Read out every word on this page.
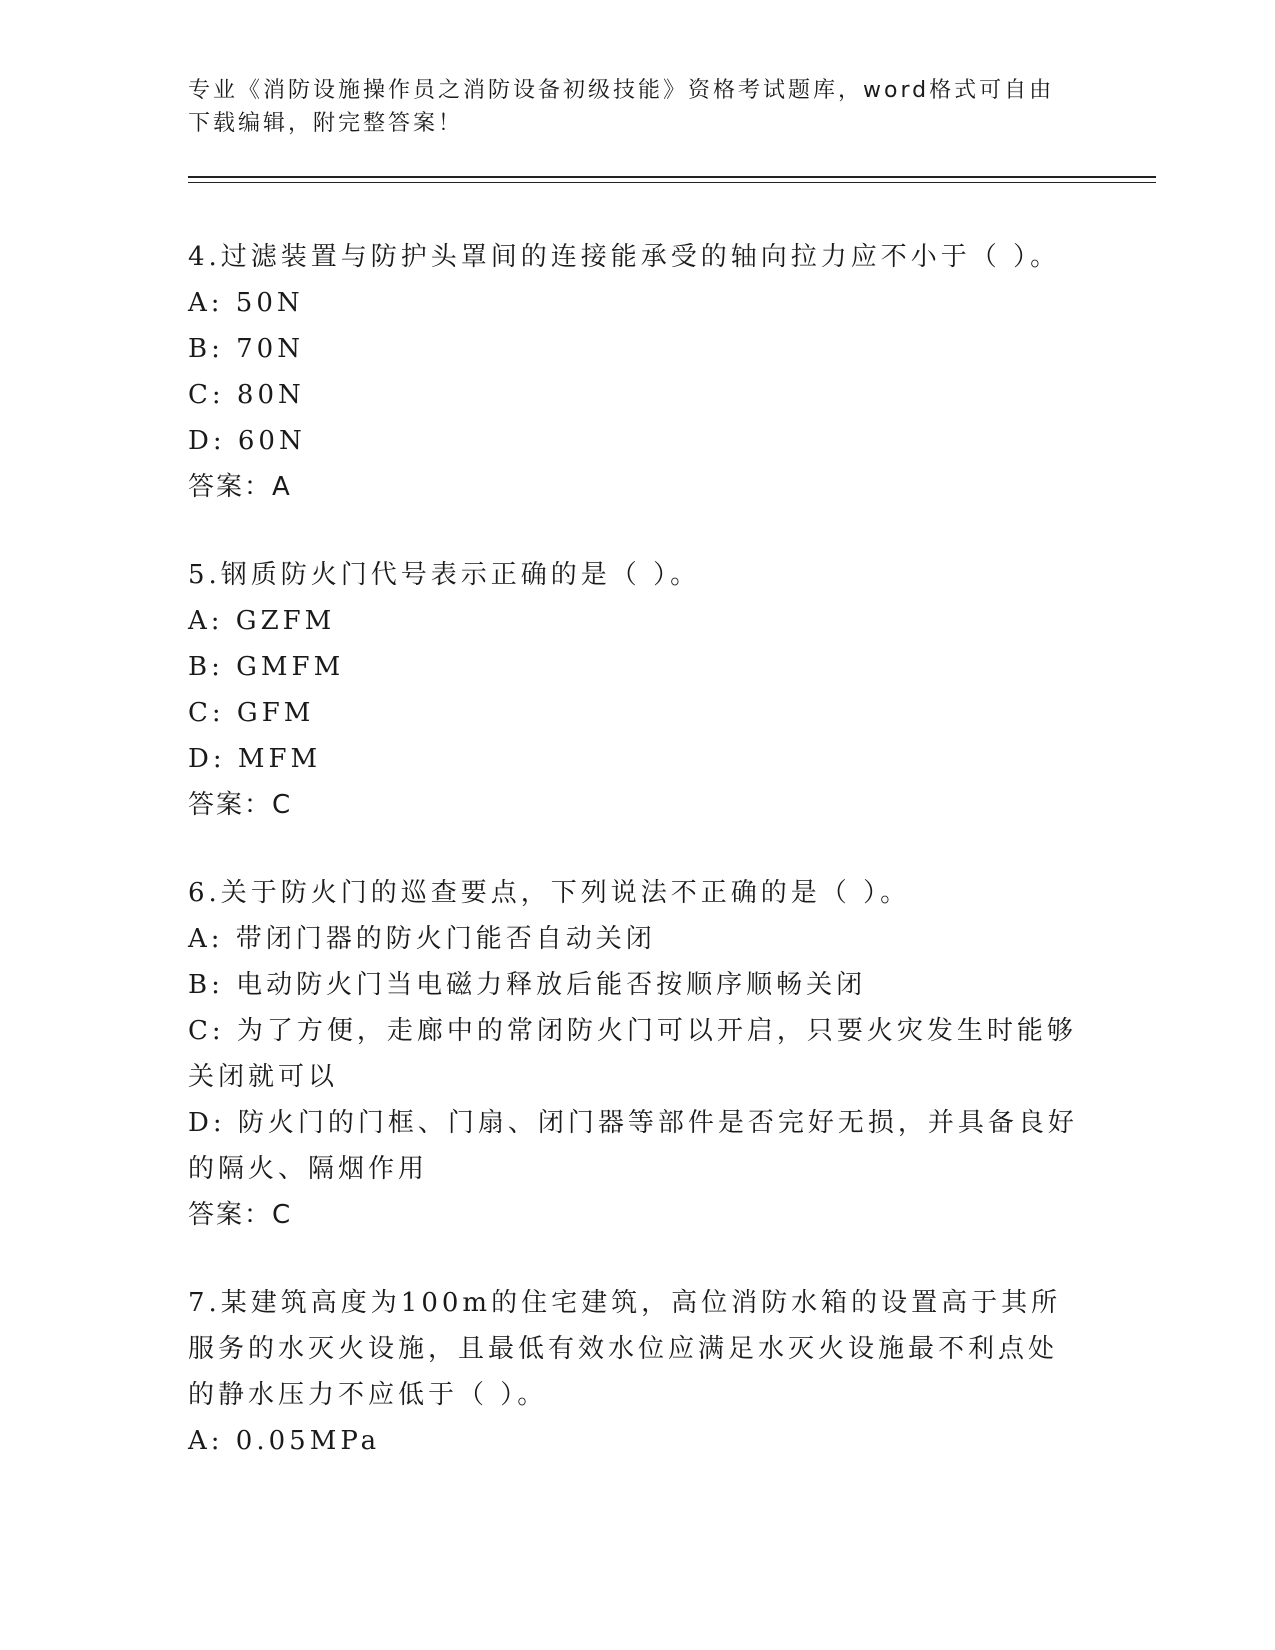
专业《消防设施操作员之消防设备初级技能》资格考试题库，word格式可自由下载编辑，附完整答案！
4.过滤装置与防护头罩间的连接能承受的轴向拉力应不小于（ ）。
A: 50N
B: 70N
C: 80N
D: 60N
答案：A
5.钢质防火门代号表示正确的是（ ）。
A: GZFM
B: GMFM
C: GFM
D: MFM
答案：C
6.关于防火门的巡查要点，下列说法不正确的是（ ）。
A: 带闭门器的防火门能否自动关闭
B: 电动防火门当电磁力释放后能否按顺序顺畅关闭
C: 为了方便，走廊中的常闭防火门可以开启，只要火灾发生时能够关闭就可以
D: 防火门的门框、门扇、闭门器等部件是否完好无损，并具备良好的隔火、隔烟作用
答案：C
7.某建筑高度为100m的住宅建筑，高位消防水箱的设置高于其所服务的水灭火设施，且最低有效水位应满足水灭火设施最不利点处的静水压力不应低于（ ）。
A: 0.05MPa
